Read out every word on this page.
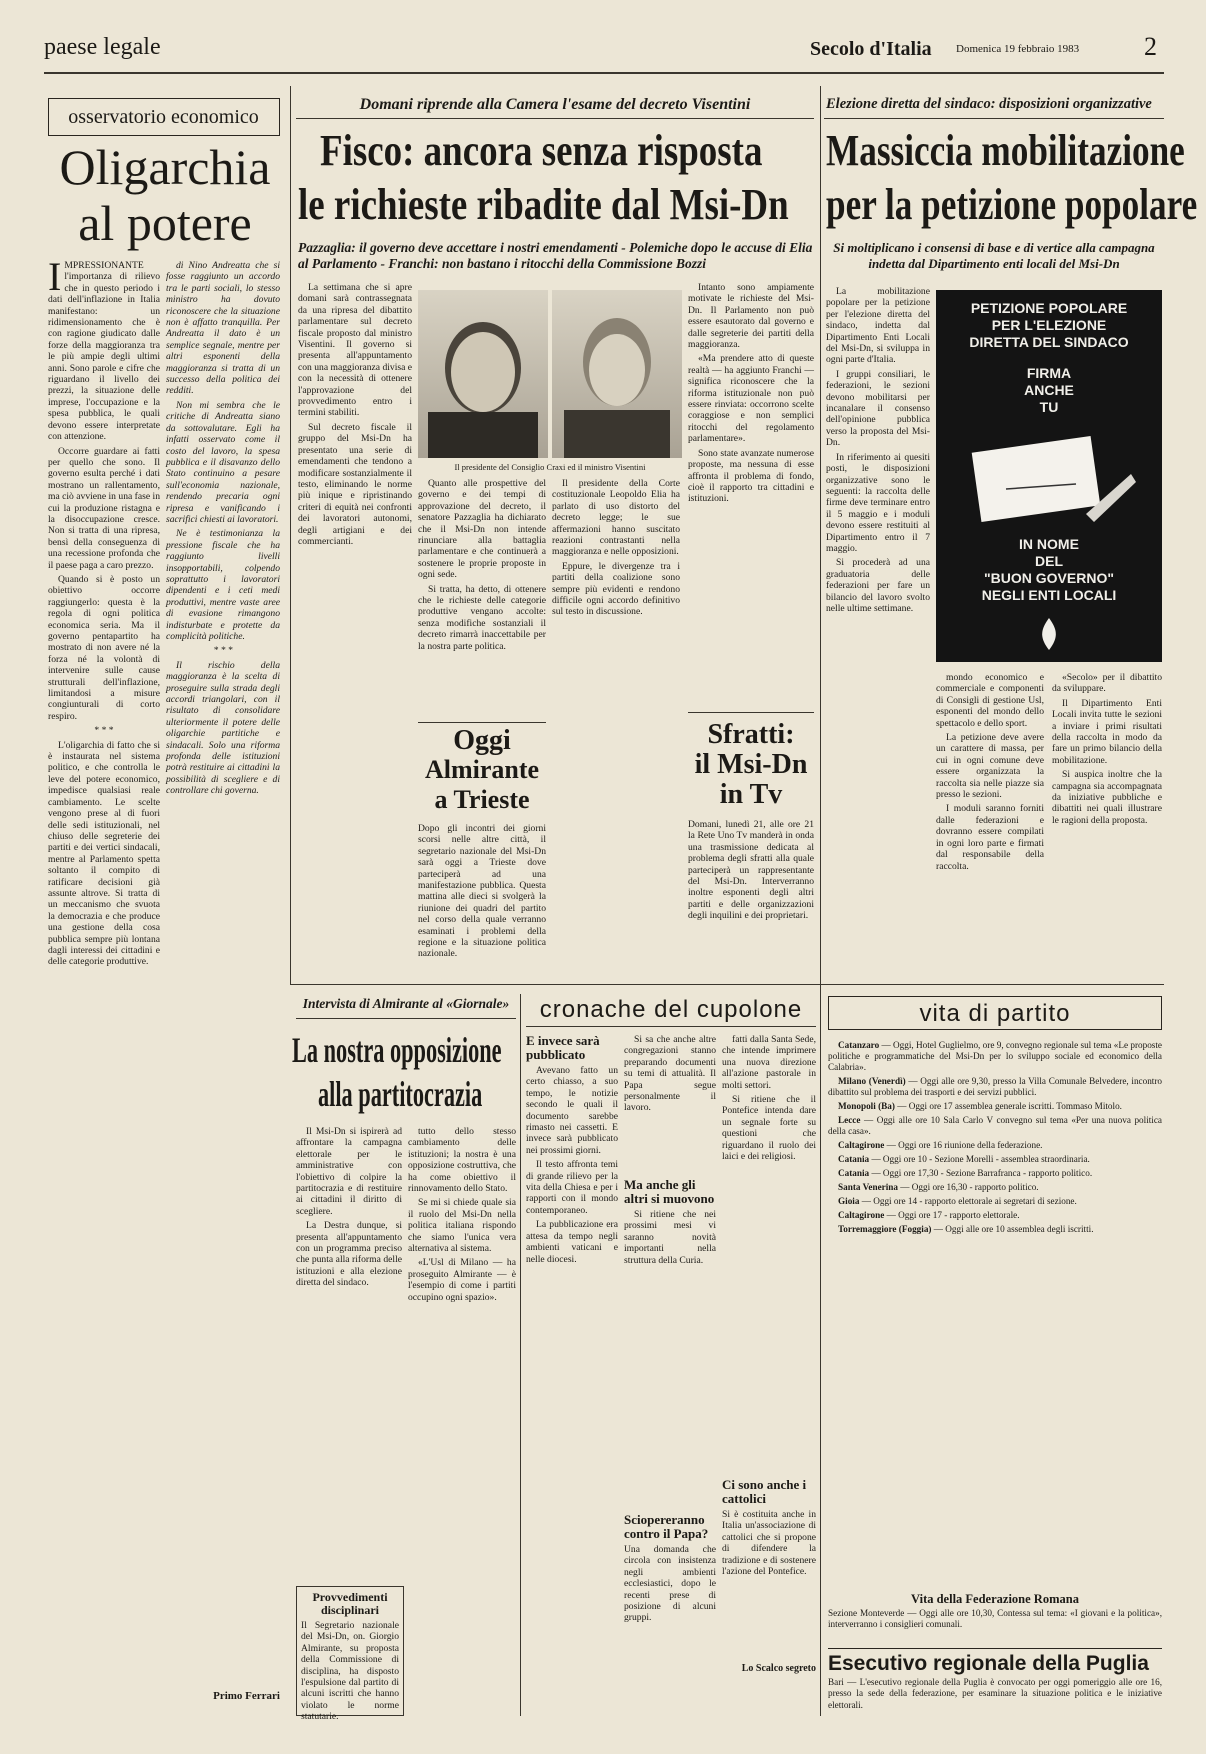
paese legale	Secolo d'Italia Domenica 19 febbraio 1983 2
osservatorio economico
Oligarchia
al potere

IMPRESSIONANTE l'importanza di rilievo che in questo periodo i dati dell'inflazione in Italia manifestano: un ridimensionamento che è con ragione giudicato dalle forze della maggioranza tra le più ampie degli ultimi anni. Sono parole e cifre che riguardano il livello dei prezzi, la situazione delle imprese, l'occupazione e la spesa pubblica, le quali devono essere interpretate con attenzione.

Occorre guardare ai fatti per quello che sono. Il governo esulta perché i dati mostrano un rallentamento, ma ciò avviene in una fase in cui la produzione ristagna e la disoccupazione cresce. Non si tratta di una ripresa, bensì della conseguenza di una recessione profonda che il paese paga a caro prezzo.

Quando si è posto un obiettivo occorre raggiungerlo: questa è la regola di ogni politica economica seria. Ma il governo pentapartito ha mostrato di non avere né la forza né la volontà di intervenire sulle cause strutturali dell'inflazione, limitandosi a misure congiunturali di corto respiro.

* * *

L'oligarchia di fatto che si è instaurata nel sistema politico, e che controlla le leve del potere economico, impedisce qualsiasi reale cambiamento. Le scelte vengono prese al di fuori delle sedi istituzionali, nel chiuso delle segreterie dei partiti e dei vertici sindacali, mentre al Parlamento spetta soltanto il compito di ratificare decisioni già assunte altrove. Si tratta di un meccanismo che svuota la democrazia e che produce una gestione della cosa pubblica sempre più lontana dagli interessi dei cittadini e delle categorie produttive.

di Nino Andreatta che si fosse raggiunto un accordo tra le parti sociali, lo stesso ministro ha dovuto riconoscere che la situazione non è affatto tranquilla. Per Andreatta il dato è un semplice segnale, mentre per altri esponenti della maggioranza si tratta di un successo della politica dei redditi.

Non mi sembra che le critiche di Andreatta siano da sottovalutare. Egli ha infatti osservato come il costo del lavoro, la spesa pubblica e il disavanzo dello Stato continuino a pesare sull'economia nazionale, rendendo precaria ogni ripresa e vanificando i sacrifici chiesti ai lavoratori.

Ne è testimonianza la pressione fiscale che ha raggiunto livelli insopportabili, colpendo soprattutto i lavoratori dipendenti e i ceti medi produttivi, mentre vaste aree di evasione rimangono indisturbate e protette da complicità politiche.

* * *

Il rischio della maggioranza è la scelta di proseguire sulla strada degli accordi triangolari, con il risultato di consolidare ulteriormente il potere delle oligarchie partitiche e sindacali. Solo una riforma profonda delle istituzioni potrà restituire ai cittadini la possibilità di scegliere e di controllare chi governa.

Primo Ferrari
Domani riprende alla Camera l'esame del decreto Visentini
Fisco: ancora senza risposta
le richieste ribadite dal Msi-Dn
Pazzaglia: il governo deve accettare i nostri emendamenti - Polemiche dopo le accuse di Elia al Parlamento - Franchi: non bastano i ritocchi della Commissione Bozzi

La settimana che si apre domani sarà contrassegnata da una ripresa del dibattito parlamentare sul decreto fiscale proposto dal ministro Visentini. Il governo si presenta all'appuntamento con una maggioranza divisa e con la necessità di ottenere l'approvazione del provvedimento entro i termini stabiliti.

Sul decreto fiscale il gruppo del Msi-Dn ha presentato una serie di emendamenti che tendono a modificare sostanzialmente il testo, eliminando le norme più inique e ripristinando criteri di equità nei confronti dei lavoratori autonomi, degli artigiani e dei commercianti.

Il presidente del Consiglio Craxi ed il ministro Visentini

Quanto alle prospettive del governo e dei tempi di approvazione del decreto, il senatore Pazzaglia ha dichiarato che il Msi-Dn non intende rinunciare alla battaglia parlamentare e che continuerà a sostenere le proprie proposte in ogni sede.

Si tratta, ha detto, di ottenere che le richieste delle categorie produttive vengano accolte: senza modifiche sostanziali il decreto rimarrà inaccettabile per la nostra parte politica.

Il presidente della Corte costituzionale Leopoldo Elia ha parlato di uso distorto del decreto legge; le sue affermazioni hanno suscitato reazioni contrastanti nella maggioranza e nelle opposizioni.

Eppure, le divergenze tra i partiti della coalizione sono sempre più evidenti e rendono difficile ogni accordo definitivo sul testo in discussione.

Intanto sono ampiamente motivate le richieste del Msi-Dn. Il Parlamento non può essere esautorato dal governo e dalle segreterie dei partiti della maggioranza.

«Ma prendere atto di queste realtà — ha aggiunto Franchi — significa riconoscere che la riforma istituzionale non può essere rinviata: occorrono scelte coraggiose e non semplici ritocchi del regolamento parlamentare».

Sono state avanzate numerose proposte, ma nessuna di esse affronta il problema di fondo, cioè il rapporto tra cittadini e istituzioni.

Oggi
Almirante
a Trieste
Dopo gli incontri dei giorni scorsi nelle altre città, il segretario nazionale del Msi-Dn sarà oggi a Trieste dove parteciperà ad una manifestazione pubblica. Questa mattina alle dieci si svolgerà la riunione dei quadri del partito nel corso della quale verranno esaminati i problemi della regione e la situazione politica nazionale.
Sfratti:
il Msi-Dn
in Tv
Domani, lunedì 21, alle ore 21 la Rete Uno Tv manderà in onda una trasmissione dedicata al problema degli sfratti alla quale parteciperà un rappresentante del Msi-Dn. Interverranno inoltre esponenti degli altri partiti e delle organizzazioni degli inquilini e dei proprietari.
Elezione diretta del sindaco: disposizioni organizzative
Massiccia mobilitazione
per la petizione popolare
Si moltiplicano i consensi di base e di vertice alla campagna indetta dal Dipartimento enti locali del Msi-Dn

La mobilitazione popolare per la petizione per l'elezione diretta del sindaco, indetta dal Dipartimento Enti Locali del Msi-Dn, si sviluppa in ogni parte d'Italia.

I gruppi consiliari, le federazioni, le sezioni devono mobilitarsi per incanalare il consenso dell'opinione pubblica verso la proposta del Msi-Dn.

In riferimento ai quesiti posti, le disposizioni organizzative sono le seguenti: la raccolta delle firme deve terminare entro il 5 maggio e i moduli devono essere restituiti al Dipartimento entro il 7 maggio.

Si procederà ad una graduatoria delle federazioni per fare un bilancio del lavoro svolto nelle ultime settimane.

PETIZIONE POPOLARE
PER L'ELEZIONE
DIRETTA DEL SINDACO
FIRMA
ANCHE
TU
IN NOME
DEL
"BUON GOVERNO"
NEGLI ENTI LOCALI

mondo economico e commerciale e componenti di Consigli di gestione Usl, esponenti del mondo dello spettacolo e dello sport.

La petizione deve avere un carattere di massa, per cui in ogni comune deve essere organizzata la raccolta sia nelle piazze sia presso le sezioni.

I moduli saranno forniti dalle federazioni e dovranno essere compilati in ogni loro parte e firmati dal responsabile della raccolta.

«Secolo» per il dibattito da sviluppare.

Il Dipartimento Enti Locali invita tutte le sezioni a inviare i primi risultati della raccolta in modo da fare un primo bilancio della mobilitazione.

Si auspica inoltre che la campagna sia accompagnata da iniziative pubbliche e dibattiti nei quali illustrare le ragioni della proposta.

Intervista di Almirante al «Giornale»
La nostra opposizione
alla partitocrazia

Il Msi-Dn si ispirerà ad affrontare la campagna elettorale per le amministrative con l'obiettivo di colpire la partitocrazia e di restituire ai cittadini il diritto di scegliere.

La Destra dunque, si presenta all'appuntamento con un programma preciso che punta alla riforma delle istituzioni e alla elezione diretta del sindaco.

tutto dello stesso cambiamento delle istituzioni; la nostra è una opposizione costruttiva, che ha come obiettivo il rinnovamento dello Stato.

Se mi si chiede quale sia il ruolo del Msi-Dn nella politica italiana rispondo che siamo l'unica vera alternativa al sistema.

«L'Usl di Milano — ha proseguito Almirante — è l'esempio di come i partiti occupino ogni spazio».

Provvedimenti disciplinari
Il Segretario nazionale del Msi-Dn, on. Giorgio Almirante, su proposta della Commissione di disciplina, ha disposto l'espulsione dal partito di alcuni iscritti che hanno violato le norme statutarie.
cronache del cupolone
E invece sarà pubblicato

Avevano fatto un certo chiasso, a suo tempo, le notizie secondo le quali il documento sarebbe rimasto nei cassetti. E invece sarà pubblicato nei prossimi giorni.

Il testo affronta temi di grande rilievo per la vita della Chiesa e per i rapporti con il mondo contemporaneo.

La pubblicazione era attesa da tempo negli ambienti vaticani e nelle diocesi.

Si sa che anche altre congregazioni stanno preparando documenti su temi di attualità. Il Papa segue personalmente il lavoro.

Ma anche gli altri si muovono

Si ritiene che nei prossimi mesi vi saranno novità importanti nella struttura della Curia.

Sciopereranno contro il Papa?
Una domanda che circola con insistenza negli ambienti ecclesiastici, dopo le recenti prese di posizione di alcuni gruppi.

fatti dalla Santa Sede, che intende imprimere una nuova direzione all'azione pastorale in molti settori.

Si ritiene che il Pontefice intenda dare un segnale forte su questioni che riguardano il ruolo dei laici e dei religiosi.

Ci sono anche i cattolici
Si è costituita anche in Italia un'associazione di cattolici che si propone di difendere la tradizione e di sostenere l'azione del Pontefice.
Lo Scalco segreto
vita di partito

Catanzaro — Oggi, Hotel Guglielmo, ore 9, convegno regionale sul tema «Le proposte politiche e programmatiche del Msi-Dn per lo sviluppo sociale ed economico della Calabria».

Milano (Venerdì) — Oggi alle ore 9,30, presso la Villa Comunale Belvedere, incontro dibattito sul problema dei trasporti e dei servizi pubblici.

Monopoli (Ba) — Oggi ore 17 assemblea generale iscritti. Tommaso Mitolo.

Lecce — Oggi alle ore 10 Sala Carlo V convegno sul tema «Per una nuova politica della casa».

Caltagirone — Oggi ore 16 riunione della federazione.

Catania — Oggi ore 10 - Sezione Morelli - assemblea straordinaria.

Catania — Oggi ore 17,30 - Sezione Barrafranca - rapporto politico.

Santa Venerina — Oggi ore 16,30 - rapporto politico.

Gioia — Oggi ore 14 - rapporto elettorale ai segretari di sezione.

Caltagirone — Oggi ore 17 - rapporto elettorale.

Torremaggiore (Foggia) — Oggi alle ore 10 assemblea degli iscritti.

Vita della Federazione Romana
Sezione Monteverde — Oggi alle ore 10,30, Contessa sul tema: «I giovani e la politica», interverranno i consiglieri comunali.
Esecutivo regionale della Puglia
Bari — L'esecutivo regionale della Puglia è convocato per oggi pomeriggio alle ore 16, presso la sede della federazione, per esaminare la situazione politica e le iniziative elettorali.
